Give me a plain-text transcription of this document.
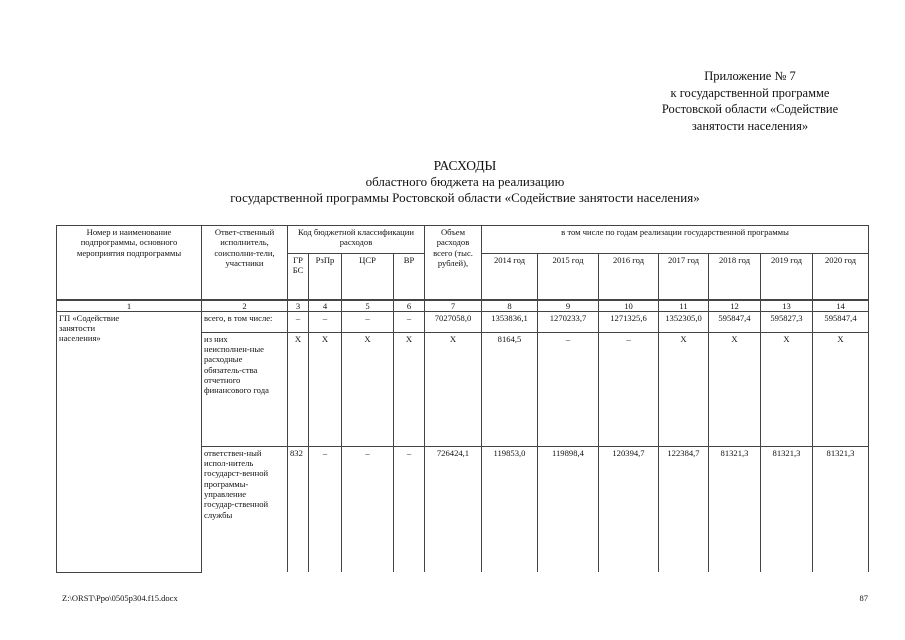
Приложение № 7
к государственной программе
Ростовской области «Содействие
занятости населения»
РАСХОДЫ
областного бюджета на реализацию
государственной программы Ростовской области «Содействие занятости населения»
Номер и наименование подпрограммы, основного мероприятия подпрограммы	Ответ-ственный исполнитель, соисполни-тели, участники	Код бюджетной классификации расходов				Объем расходов всего (тыс. рублей),	в том числе по годам реализации государственной программы						
		ГР БС	РзПр	ЦСР	ВР		2014 год	2015 год	2016 год	2017 год	2018 год	2019 год	2020 год
1	2	3	4	5	6	7	8	9	10	11	12	13	14

ГП «Содействие занятости населения»	всего, в том числе:	–	–	–	–	7027058,0	1353836,1	1270233,7	1271325,6	1352305,0	595847,4	595827,3	595847,4

	из них неисполнен-ные расходные обязатель-ства отчетного финансового года	Х	Х	Х	Х	Х	8164,5	–	–	Х	Х	Х	Х

	ответствен-ный испол-нитель государст-венной программы-управление государ-ственной службы	832	–	–	–	726424,1	119853,0	119898,4	120394,7	122384,7	81321,3	81321,3	81321,3
Z:\ORST\Ppo\0505p304.f15.docx	87
